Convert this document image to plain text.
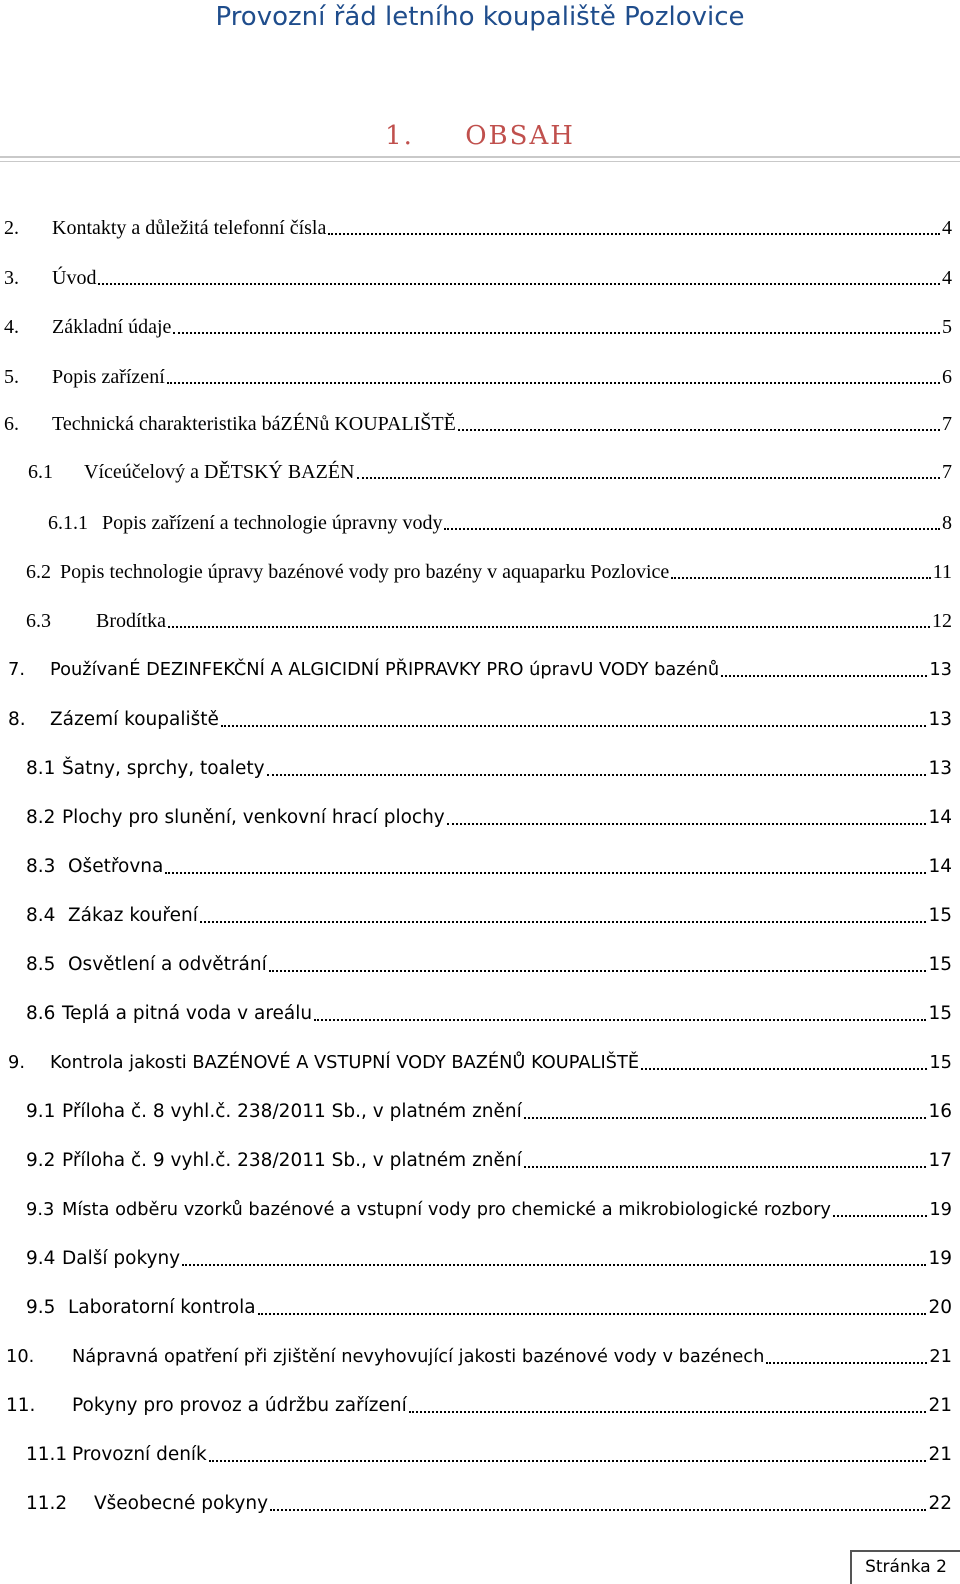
Provozní řád letního koupaliště Pozlovice
1. OBSAH
2.	Kontakty a důležitá telefonní čísla	4
3.	Úvod	4
4.	Základní údaje	5
5.	Popis zařízení	6
6.	Technická charakteristika báZÉNů KOUPALIŠTĚ	7
6.1	Víceúčelový a DĚTSKÝ BAZÉN	7
6.1.1 Popis zařízení a technologie úpravny vody	8
6.2 Popis technologie úpravy bazénové vody pro bazény v aquaparku Pozlovice	11
6.3	Brodítka	12
7.	PoužívanÉ DEZINFEKČNÍ A ALGICIDNÍ PŘIPRAVKY PRO úpravU VODY bazénů	13
8.	Zázemí koupaliště	13
8.1 Šatny, sprchy, toalety	13
8.2 Plochy pro slunění, venkovní hrací plochy	14
8.3 Ošetřovna	14
8.4 Zákaz kouření	15
8.5 Osvětlení a odvětrání	15
8.6 Teplá a pitná voda v areálu	15
9.	Kontrola jakosti BAZÉNOVÉ A VSTUPNÍ VODY BAZÉNŮ KOUPALIŠTĚ	15
9.1 Příloha č. 8 vyhl.č. 238/2011 Sb., v platném znění	16
9.2 Příloha č. 9 vyhl.č. 238/2011 Sb., v platném znění	17
9.3 Místa odběru vzorků bazénové a vstupní vody pro chemické a mikrobiologické rozbory	19
9.4 Další pokyny	19
9.5 Laboratorní kontrola	20
10.	Nápravná opatření při zjištění nevyhovující jakosti bazénové vody v bazénech	21
11.	Pokyny pro provoz a údržbu zařízení	21
11.1 Provozní deník	21
11.2	Všeobecné pokyny	22
Stránka 2
